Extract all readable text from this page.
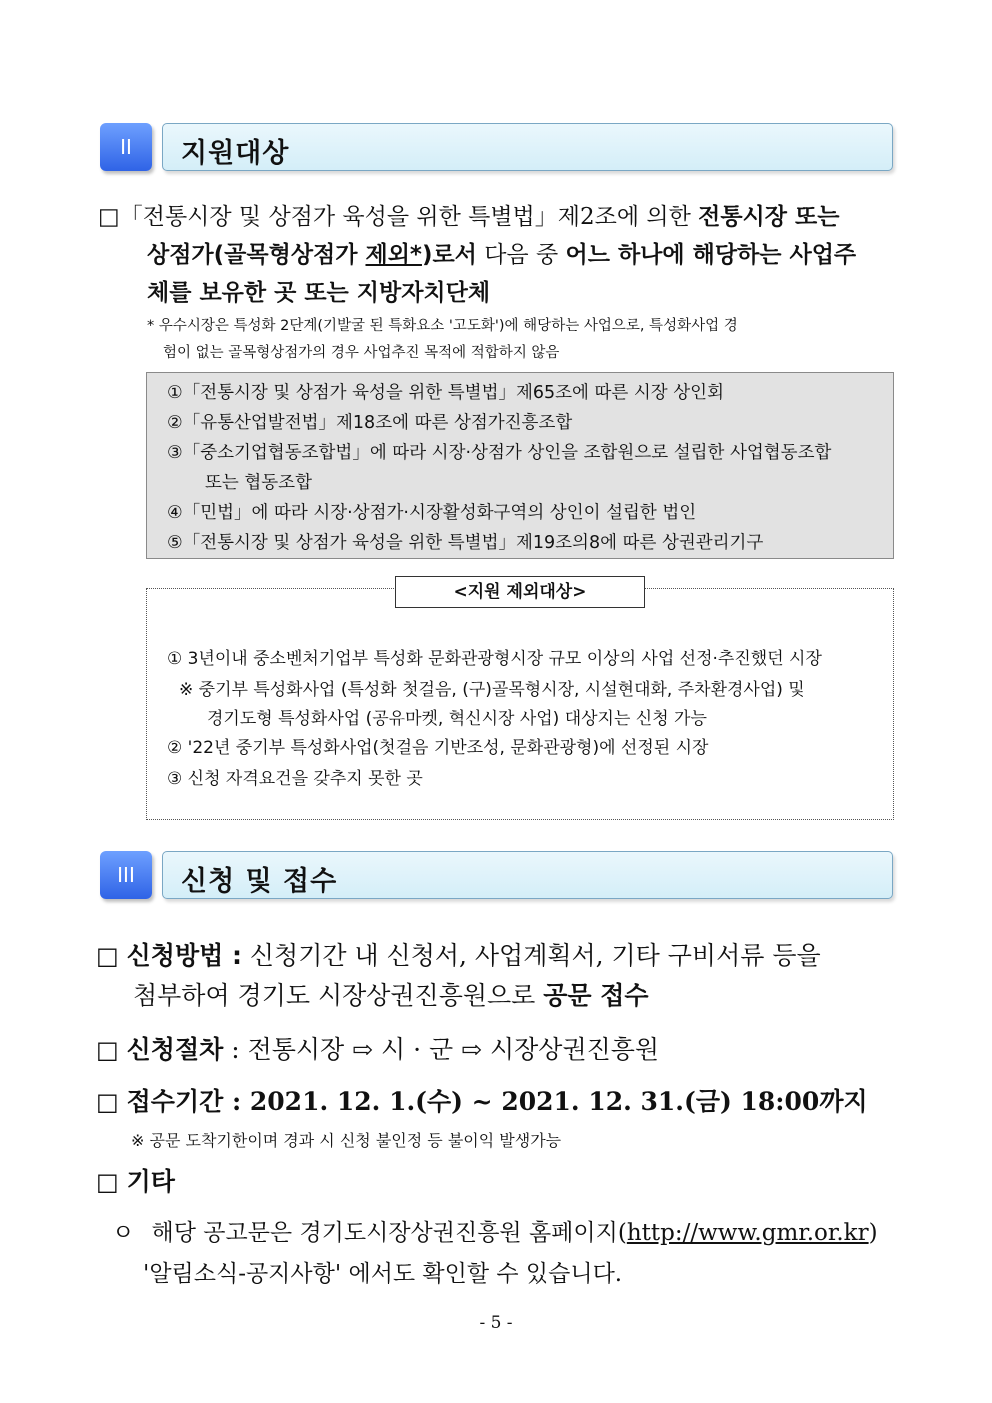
II 지원대상
□「전통시장 및 상점가 육성을 위한 특별법」제2조에 의한 전통시장 또는
상점가(골목형상점가 제외*)로서 다음 중 어느 하나에 해당하는 사업주
체를 보유한 곳 또는 지방자치단체
* 우수시장은 특성화 2단계(기발굴 된 특화요소 '고도화')에 해당하는 사업으로, 특성화사업 경
험이 없는 골목형상점가의 경우 사업추진 목적에 적합하지 않음
①「전통시장 및 상점가 육성을 위한 특별법」제65조에 따른 시장 상인회
②「유통산업발전법」제18조에 따른 상점가진흥조합
③「중소기업협동조합법」에 따라 시장·상점가 상인을 조합원으로 설립한 사업협동조합
또는 협동조합
④「민법」에 따라 시장·상점가·시장활성화구역의 상인이 설립한 법인
⑤「전통시장 및 상점가 육성을 위한 특별법」제19조의8에 따른 상권관리기구
① 3년이내 중소벤처기업부 특성화 문화관광형시장 규모 이상의 사업 선정·추진했던 시장
※ 중기부 특성화사업 (특성화 첫걸음, (구)골목형시장, 시설현대화, 주차환경사업) 및
경기도형 특성화사업 (공유마켓, 혁신시장 사업) 대상지는 신청 가능
② '22년 중기부 특성화사업(첫걸음 기반조성, 문화관광형)에 선정된 시장
③ 신청 자격요건을 갖추지 못한 곳
<지원 제외대상>
III 신청 및 접수
□ 신청방법 : 신청기간 내 신청서, 사업계획서, 기타 구비서류 등을
첨부하여 경기도 시장상권진흥원으로 공문 접수
□ 신청절차 : 전통시장 ⇨ 시 · 군 ⇨ 시장상권진흥원
□ 접수기간 : 2021. 12. 1.(수) ~ 2021. 12. 31.(금) 18:00까지
※ 공문 도착기한이며 경과 시 신청 불인정 등 불이익 발생가능
□ 기타
ㅇ 해당 공고문은 경기도시장상권진흥원 홈페이지(http://www.gmr.or.kr)
'알림소식-공지사항' 에서도 확인할 수 있습니다.
- 5 -
